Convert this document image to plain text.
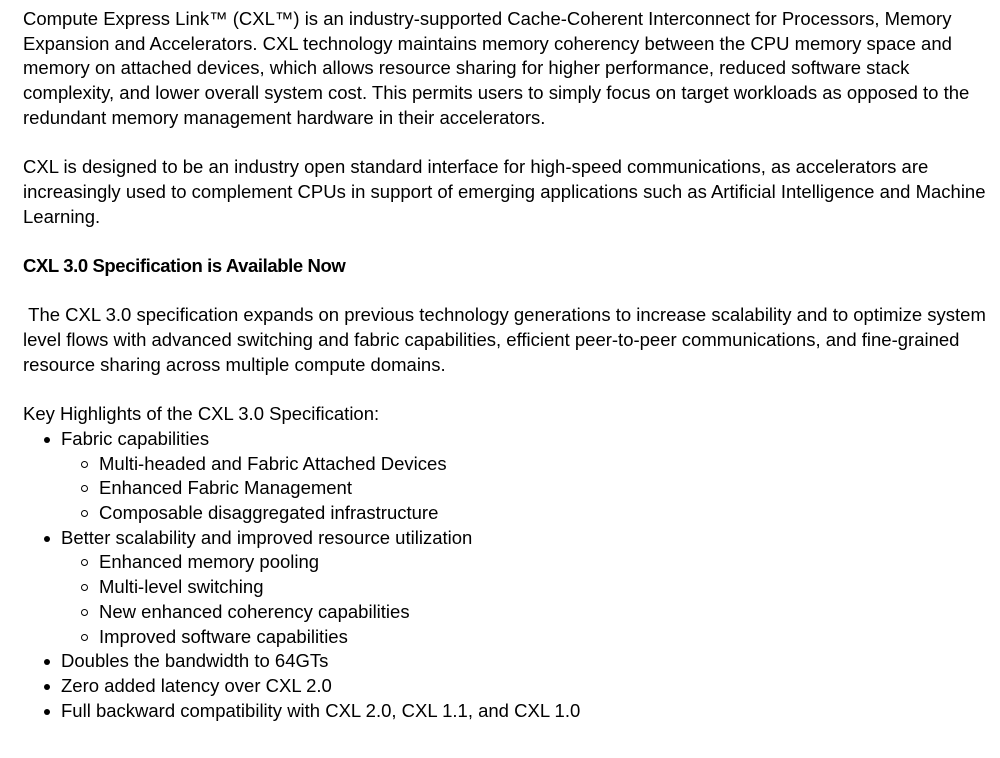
Compute Express Link™ (CXL™) is an industry-supported Cache-Coherent Interconnect for Processors, Memory Expansion and Accelerators. CXL technology maintains memory coherency between the CPU memory space and memory on attached devices, which allows resource sharing for higher performance, reduced software stack complexity, and lower overall system cost. This permits users to simply focus on target workloads as opposed to the redundant memory management hardware in their accelerators.

CXL is designed to be an industry open standard interface for high-speed communications, as accelerators are increasingly used to complement CPUs in support of emerging applications such as Artificial Intelligence and Machine Learning.

CXL 3.0 Specification is Available Now

The CXL 3.0 specification expands on previous technology generations to increase scalability and to optimize system level flows with advanced switching and fabric capabilities, efficient peer-to-peer communications, and fine-grained resource sharing across multiple compute domains.

Key Highlights of the CXL 3.0 Specification:

Fabric capabilities
Multi-headed and Fabric Attached Devices
Enhanced Fabric Management
Composable disaggregated infrastructure
Better scalability and improved resource utilization
Enhanced memory pooling
Multi-level switching
New enhanced coherency capabilities
Improved software capabilities
Doubles the bandwidth to 64GTs
Zero added latency over CXL 2.0
Full backward compatibility with CXL 2.0, CXL 1.1, and CXL 1.0
